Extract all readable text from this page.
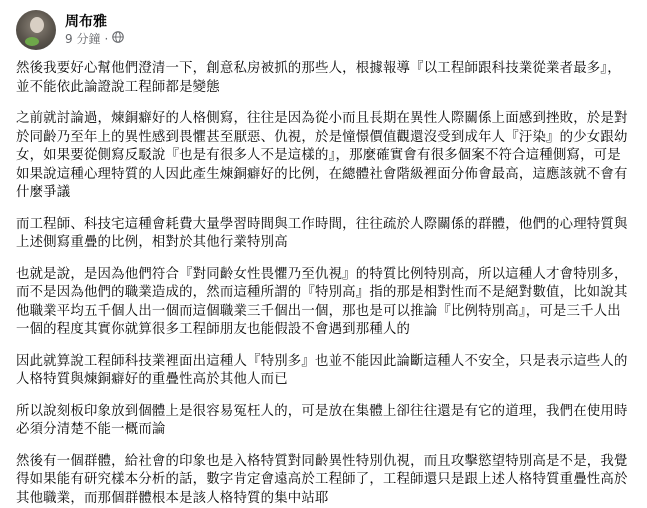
周布雅
9 分鐘 ·

然後我要好心幫他們澄清一下，創意私房被抓的那些人，根據報導『以工程師跟科技業從業者最多』，並不能依此論證說工程師都是變態

之前就討論過，煉銅癖好的人格側寫，往往是因為從小而且長期在異性人際關係上面感到挫敗，於是對於同齡乃至年上的異性感到畏懼甚至厭惡、仇視，於是憧憬價值觀還沒受到成年人『汙染』的少女跟幼女，如果要從側寫反駁說『也是有很多人不是這樣的』，那麼確實會有很多個案不符合這種側寫，可是如果說這種心理特質的人因此產生煉銅癖好的比例，在總體社會階級裡面分佈會最高，這應該就不會有什麼爭議

而工程師、科技宅這種會耗費大量學習時間與工作時間，往往疏於人際關係的群體，他們的心理特質與上述側寫重疊的比例，相對於其他行業特別高

也就是說，是因為他們符合『對同齡女性畏懼乃至仇視』的特質比例特別高，所以這種人才會特別多，而不是因為他們的職業造成的，然而這種所謂的『特別高』指的那是相對性而不是絕對數值，比如說其他職業平均五千個人出一個而這個職業三千個出一個，那也是可以推論『比例特別高』，可是三千人出一個的程度其實你就算很多工程師朋友也能假設不會遇到那種人的

因此就算說工程師科技業裡面出這種人『特別多』也並不能因此論斷這種人不安全，只是表示這些人的人格特質與煉銅癖好的重疊性高於其他人而已

所以說刻板印象放到個體上是很容易冤枉人的，可是放在集體上卻往往還是有它的道理，我們在使用時必須分清楚不能一概而論

然後有一個群體，給社會的印象也是入格特質對同齡異性特別仇視，而且攻擊慾望特別高是不是，我覺得如果能有研究樣本分析的話，數字肯定會遠高於工程師了，工程師還只是跟上述人格特質重疊性高於其他職業，而那個群體根本是該人格特質的集中站耶
